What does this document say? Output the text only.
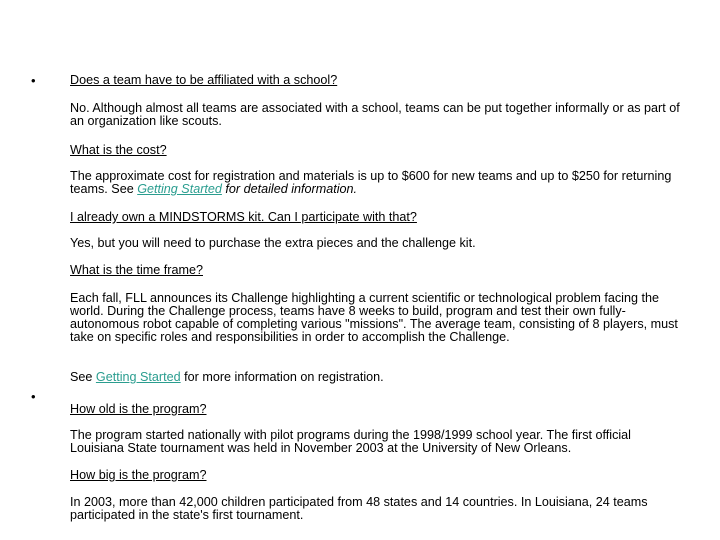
•
•
Does a team have to be affiliated with a school?
No. Although almost all teams are associated with a school, teams can be put together informally or as part of an organization like scouts.
What is the cost?
The approximate cost for registration and materials is up to $600 for new teams and up to $250 for returning teams. See Getting Started for detailed information.
I already own a MINDSTORMS kit. Can I participate with that?
Yes, but you will need to purchase the extra pieces and the challenge kit.
What is the time frame?
Each fall, FLL announces its Challenge highlighting a current scientific or technological problem facing the world. During the Challenge process, teams have 8 weeks to build, program and test their own fully-autonomous robot capable of completing various "missions". The average team, consisting of 8 players, must take on specific roles and responsibilities in order to accomplish the Challenge.
See Getting Started for more information on registration.
How old is the program?
The program started nationally with pilot programs during the 1998/1999 school year. The first official Louisiana State tournament was held in November 2003 at the University of New Orleans.
How big is the program?
In 2003, more than 42,000 children participated from 48 states and 14 countries. In Louisiana, 24 teams participated in the state's first tournament.
